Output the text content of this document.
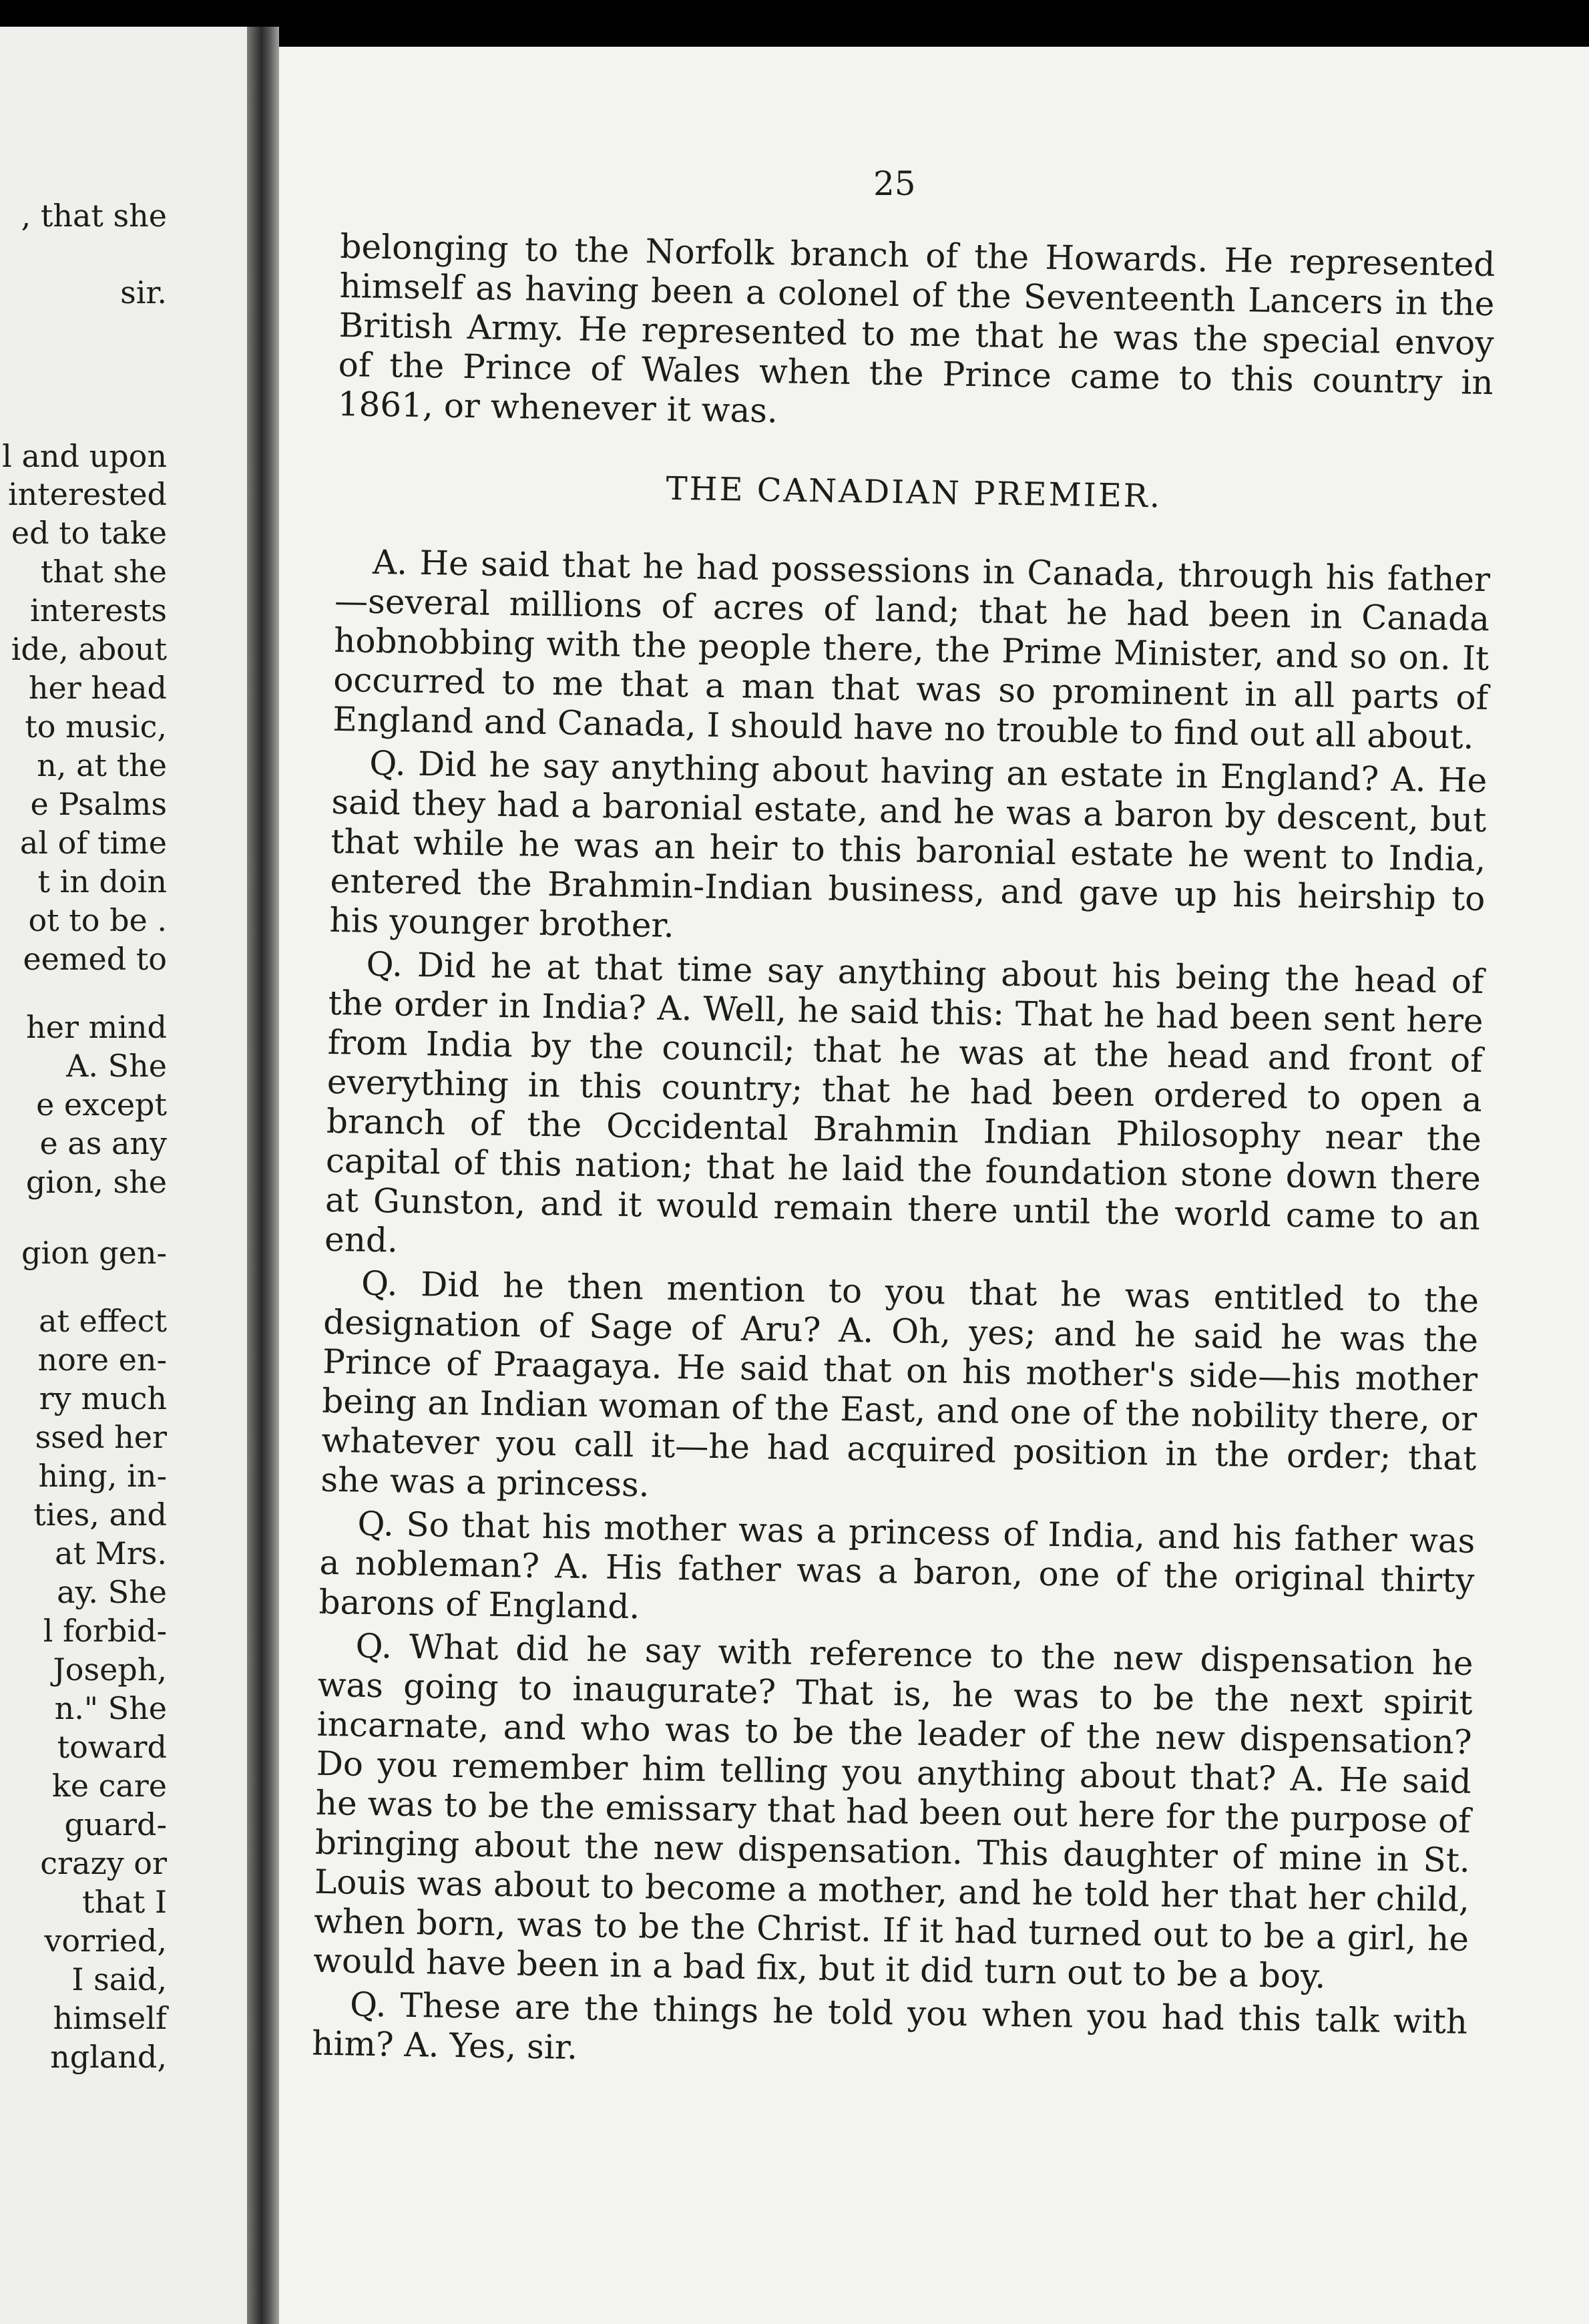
, that she

sir.

l and upon

interested

ed to take

that she

interests

ide, about

her head

to music,

n, at the

e Psalms

al of time

t in doin

ot to be .

eemed to

her mind

A. She

e except

e as any

gion, she

gion gen-

at effect

nore en-

ry much

ssed her

hing, in-

ties, and

at Mrs.

ay. She

l forbid-

Joseph,

n." She

toward

ke care

guard-

crazy or

that I

vorried,

I said,

himself

ngland,

25

belonging to the Norfolk branch of the Howards. He represented himself as having been a colonel of the Seventeenth Lancers in the British Army. He represented to me that he was the special envoy of the Prince of Wales when the Prince came to this country in 1861, or whenever it was.

THE CANADIAN PREMIER.

A. He said that he had possessions in Canada, through his father—several millions of acres of land; that he had been in Canada hobnobbing with the people there, the Prime Minister, and so on. It occurred to me that a man that was so prominent in all parts of England and Canada, I should have no trouble to find out all about.

Q. Did he say anything about having an estate in England? A. He said they had a baronial estate, and he was a baron by descent, but that while he was an heir to this baronial estate he went to India, entered the Brahmin-Indian business, and gave up his heirship to his younger brother.

Q. Did he at that time say anything about his being the head of the order in India? A. Well, he said this: That he had been sent here from India by the council; that he was at the head and front of everything in this country; that he had been ordered to open a branch of the Occidental Brahmin Indian Philosophy near the capital of this nation; that he laid the foundation stone down there at Gunston, and it would remain there until the world came to an end.

Q. Did he then mention to you that he was entitled to the designation of Sage of Aru? A. Oh, yes; and he said he was the Prince of Praagaya. He said that on his mother's side—his mother being an Indian woman of the East, and one of the nobility there, or whatever you call it—he had acquired position in the order; that she was a princess.

Q. So that his mother was a princess of India, and his father was a nobleman? A. His father was a baron, one of the original thirty barons of England.

Q. What did he say with reference to the new dispensation he was going to inaugurate? That is, he was to be the next spirit incarnate, and who was to be the leader of the new dispensation? Do you remember him telling you anything about that? A. He said he was to be the emissary that had been out here for the purpose of bringing about the new dispensation. This daughter of mine in St. Louis was about to become a mother, and he told her that her child, when born, was to be the Christ. If it had turned out to be a girl, he would have been in a bad fix, but it did turn out to be a boy.

Q. These are the things he told you when you had this talk with him? A. Yes, sir.
